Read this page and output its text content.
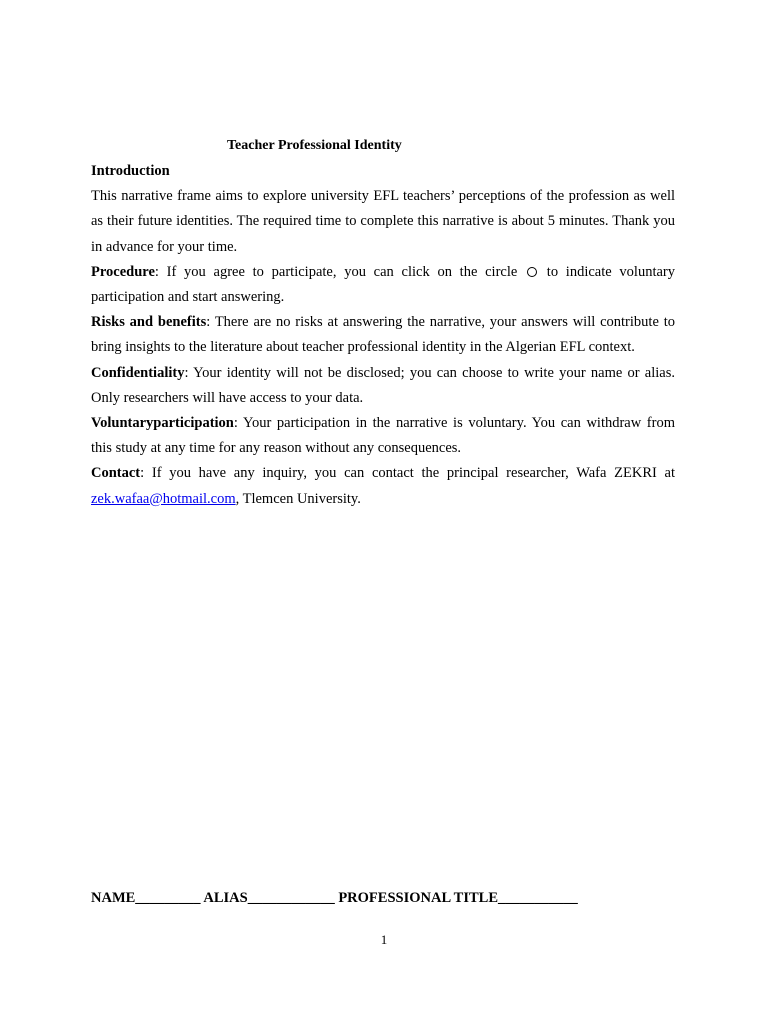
Teacher Professional Identity

Introduction

This narrative frame aims to explore university EFL teachers’ perceptions of the profession as well as their future identities. The required time to complete this narrative is about 5 minutes. Thank you in advance for your time.

Procedure: If you agree to participate, you can click on the circle to indicate voluntary participation and start answering.

Risks and benefits: There are no risks at answering the narrative, your answers will contribute to bring insights to the literature about teacher professional identity in the Algerian EFL context.

Confidentiality: Your identity will not be disclosed; you can choose to write your name or alias. Only researchers will have access to your data.

Voluntaryparticipation: Your participation in the narrative is voluntary. You can withdraw from this study at any time for any reason without any consequences.

Contact: If you have any inquiry, you can contact the principal researcher, Wafa ZEKRI at zek.wafaa@hotmail.com, Tlemcen University.

NAME_________ ALIAS____________ PROFESSIONAL TITLE___________
1
